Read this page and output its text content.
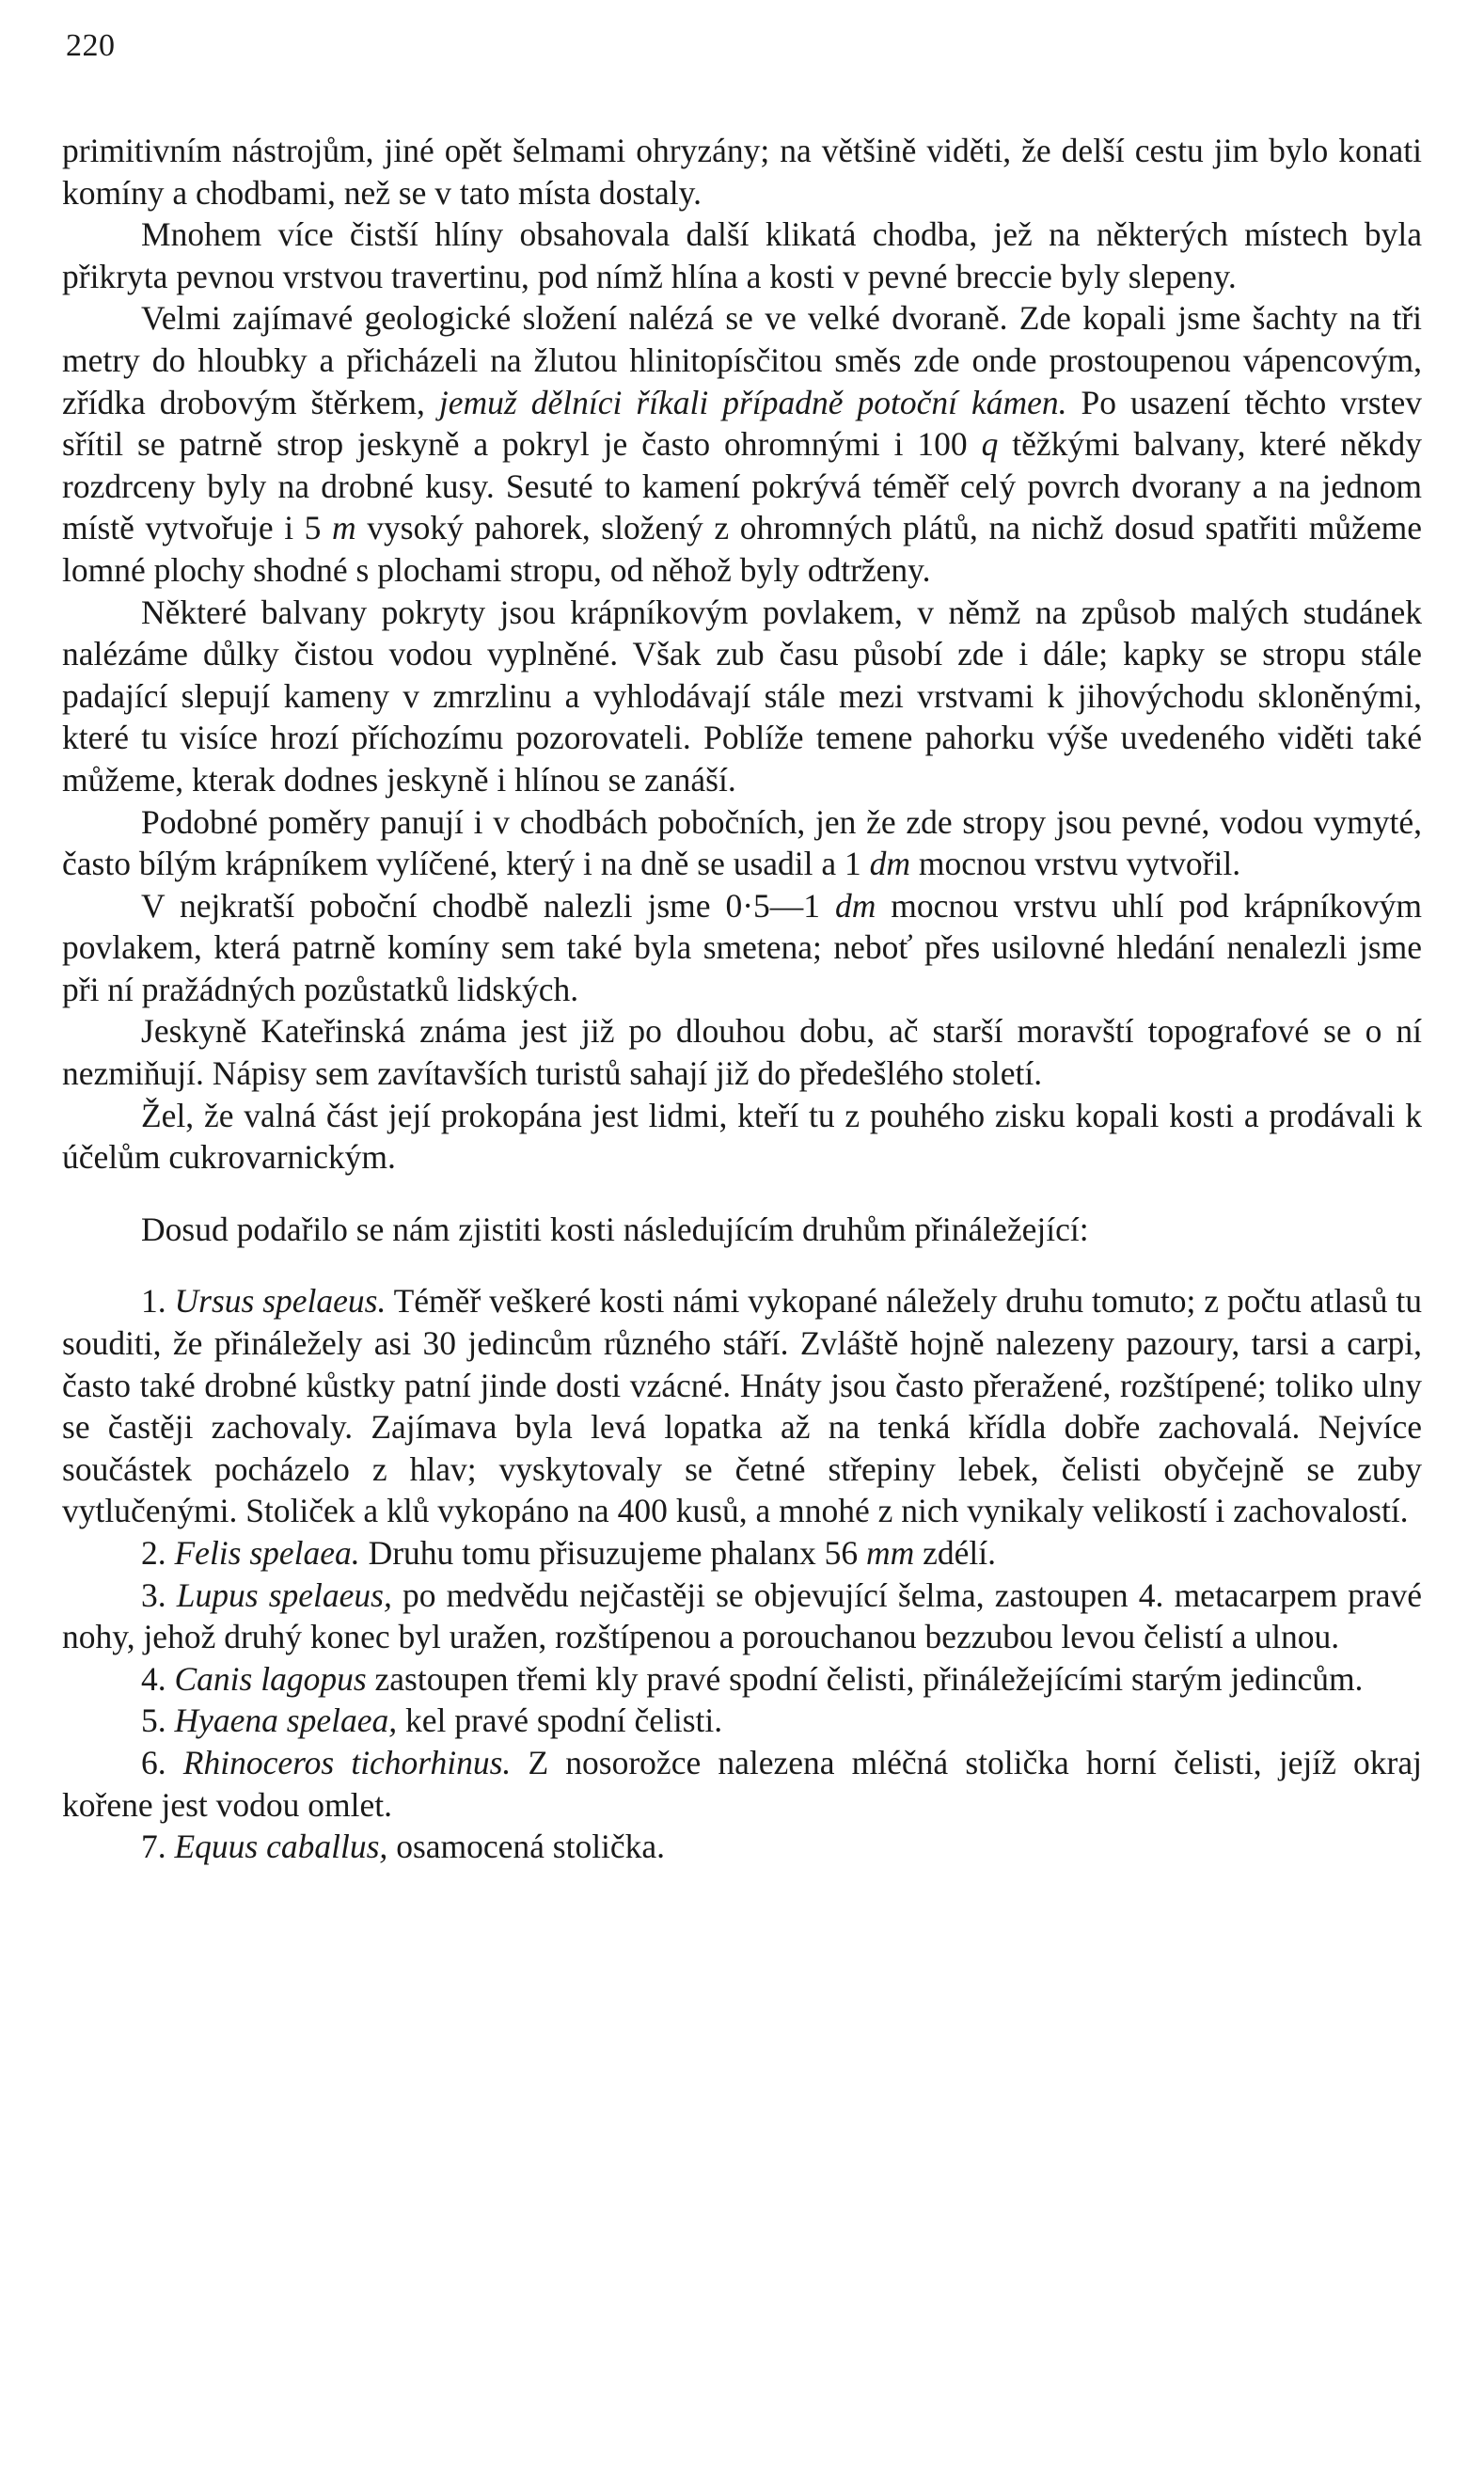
220

primitivním nástrojům, jiné opět šelmami ohryzány; na většině viděti, že delší cestu jim bylo konati komíny a chodbami, než se v tato místa dostaly.

Mnohem více čistší hlíny obsahovala další klikatá chodba, jež na některých místech byla přikryta pevnou vrstvou travertinu, pod nímž hlína a kosti v pevné breccie byly slepeny.

Velmi zajímavé geologické složení nalézá se ve velké dvoraně. Zde kopali jsme šachty na tři metry do hloubky a přicházeli na žlutou hlinitopísčitou směs zde onde prostoupenou vápencovým, zřídka drobovým štěrkem, jemuž dělníci říkali případně potoční kámen. Po usazení těchto vrstev sřítil se patrně strop jeskyně a pokryl je často ohromnými i 100 q těžkými balvany, které někdy rozdrceny byly na drobné kusy. Sesuté to kamení pokrývá téměř celý povrch dvorany a na jednom místě vytvořuje i 5 m vysoký pahorek, složený z ohromných plátů, na nichž dosud spatřiti můžeme lomné plochy shodné s plochami stropu, od něhož byly odtrženy.

Některé balvany pokryty jsou krápníkovým povlakem, v němž na způsob malých studánek nalézáme důlky čistou vodou vyplněné. Však zub času působí zde i dále; kapky se stropu stále padající slepují kameny v zmrzlinu a vyhlodávají stále mezi vrstvami k jihovýchodu skloněnými, které tu visíce hrozí příchozímu pozorovateli. Poblíže temene pahorku výše uvedeného viděti také můžeme, kterak dodnes jeskyně i hlínou se zanáší.

Podobné poměry panují i v chodbách pobočních, jen že zde stropy jsou pevné, vodou vymyté, často bílým krápníkem vylíčené, který i na dně se usadil a 1 dm mocnou vrstvu vytvořil.

V nejkratší poboční chodbě nalezli jsme 0·5—1 dm mocnou vrstvu uhlí pod krápníkovým povlakem, která patrně komíny sem také byla smetena; neboť přes usilovné hledání nenalezli jsme při ní pražádných pozůstatků lidských.

Jeskyně Kateřinská známa jest již po dlouhou dobu, ač starší moravští topografové se o ní nezmiňují. Nápisy sem zavítavších turistů sahají již do předešlého století.

Žel, že valná část její prokopána jest lidmi, kteří tu z pouhého zisku kopali kosti a prodávali k účelům cukrovarnickým.

Dosud podařilo se nám zjistiti kosti následujícím druhům přináležející:

1. Ursus spelaeus. Téměř veškeré kosti námi vykopané náležely druhu tomuto; z počtu atlasů tu souditi, že přináležely asi 30 jedincům různého stáří. Zvláště hojně nalezeny pazoury, tarsi a carpi, často také drobné kůstky patní jinde dosti vzácné. Hnáty jsou často přeražené, rozštípené; toliko ulny se častěji zachovaly. Zajímava byla levá lopatka až na tenká křídla dobře zachovalá. Nejvíce součástek pocházelo z hlav; vyskytovaly se četné střepiny lebek, čelisti obyčejně se zuby vytlučenými. Stoliček a klů vykopáno na 400 kusů, a mnohé z nich vynikaly velikostí i zachovalostí.

2. Felis spelaea. Druhu tomu přisuzujeme phalanx 56 mm zdélí.

3. Lupus spelaeus, po medvědu nejčastěji se objevující šelma, zastoupen 4. metacarpem pravé nohy, jehož druhý konec byl uražen, rozštípenou a porouchanou bezzubou levou čelistí a ulnou.

4. Canis lagopus zastoupen třemi kly pravé spodní čelisti, přináležejícími starým jedincům.

5. Hyaena spelaea, kel pravé spodní čelisti.

6. Rhinoceros tichorhinus. Z nosorožce nalezena mléčná stolička horní čelisti, jejíž okraj kořene jest vodou omlet.

7. Equus caballus, osamocená stolička.
